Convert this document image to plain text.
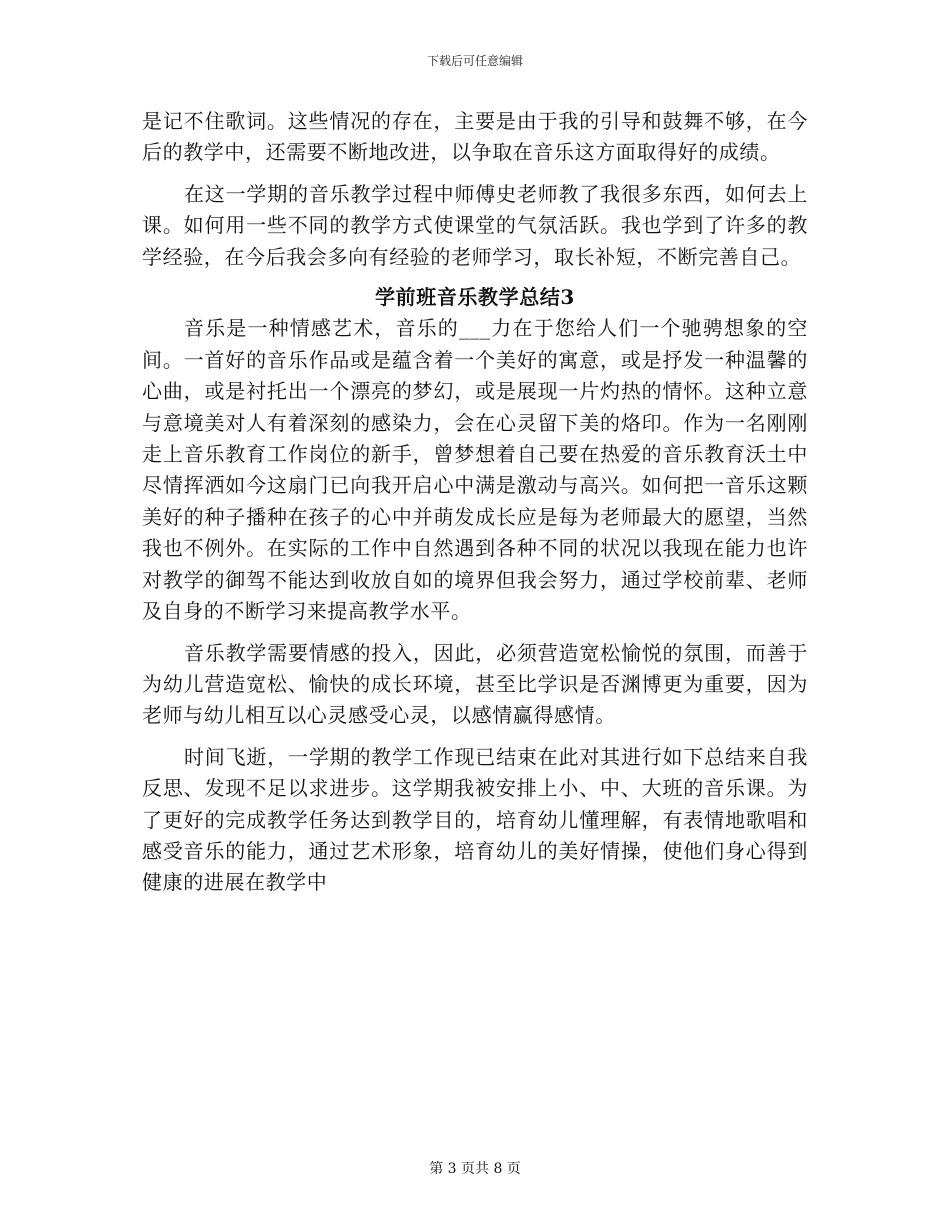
下载后可任意编辑

是记不住歌词。这些情况的存在，主要是由于我的引导和鼓舞不够，在今后的教学中，还需要不断地改进，以争取在音乐这方面取得好的成绩。

在这一学期的音乐教学过程中师傅史老师教了我很多东西，如何去上课。如何用一些不同的教学方式使课堂的气氛活跃。我也学到了许多的教学经验，在今后我会多向有经验的老师学习，取长补短，不断完善自己。

学前班音乐教学总结3

音乐是一种情感艺术，音乐的___力在于您给人们一个驰骋想象的空间。一首好的音乐作品或是蕴含着一个美好的寓意，或是抒发一种温馨的心曲，或是衬托出一个漂亮的梦幻，或是展现一片灼热的情怀。这种立意与意境美对人有着深刻的感染力，会在心灵留下美的烙印。作为一名刚刚走上音乐教育工作岗位的新手，曾梦想着自己要在热爱的音乐教育沃土中尽情挥洒如今这扇门已向我开启心中满是激动与高兴。如何把一音乐这颗美好的种子播种在孩子的心中并萌发成长应是每为老师最大的愿望，当然我也不例外。在实际的工作中自然遇到各种不同的状况以我现在能力也许对教学的御驾不能达到收放自如的境界但我会努力，通过学校前辈、老师及自身的不断学习来提高教学水平。

音乐教学需要情感的投入，因此，必须营造宽松愉悦的氛围，而善于为幼儿营造宽松、愉快的成长环境，甚至比学识是否渊博更为重要，因为老师与幼儿相互以心灵感受心灵，以感情赢得感情。

时间飞逝，一学期的教学工作现已结束在此对其进行如下总结来自我反思、发现不足以求进步。这学期我被安排上小、中、大班的音乐课。为了更好的完成教学任务达到教学目的，培育幼儿懂理解，有表情地歌唱和感受音乐的能力，通过艺术形象，培育幼儿的美好情操，使他们身心得到健康的进展在教学中

第 3 页共 8 页
